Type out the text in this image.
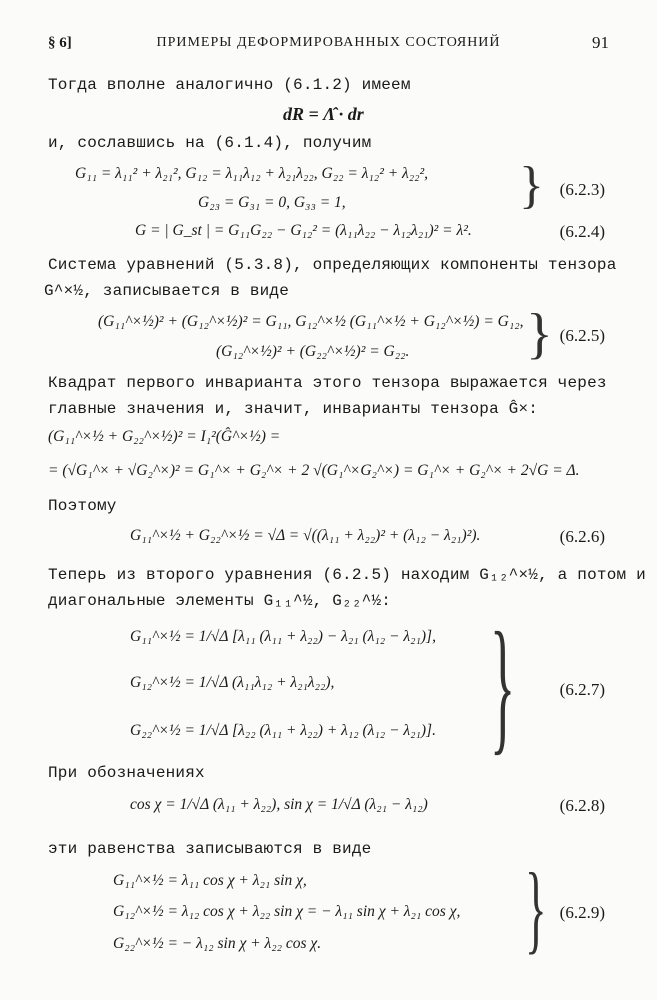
§ 6]	ПРИМЕРЫ ДЕФОРМИРОВАННЫХ СОСТОЯНИЙ	91
Тогда вполне аналогично (6.1.2) имеем
dR = Λ̂ · dr
и, сославшись на (6.1.4), получим
G₁₁ = λ₁₁² + λ₂₁², G₁₂ = λ₁₁λ₁₂ + λ₂₁λ₂₂, G₂₂ = λ₁₂² + λ₂₂²,
G₂₃ = G₃₁ = 0, G₃₃ = 1,	} (6.2.3)
G = | G_st | = G₁₁G₂₂ − G₁₂² = (λ₁₁λ₂₂ − λ₁₂λ₂₁)² = λ².	(6.2.4)
Система уравнений (5.3.8), определяющих компоненты тензора
G^×½, записывается в виде
(G₁₁^×½)² + (G₁₂^×½)² = G₁₁, G₁₂^×½ (G₁₁^×½ + G₁₂^×½) = G₁₂,
(G₁₂^×½)² + (G₂₂^×½)² = G₂₂. } (6.2.5)
Квадрат первого инварианта этого тензора выражается через
главные значения и, значит, инварианты тензора Ĝ×:
(G₁₁^×½ + G₂₂^×½)² = I₁²(Ĝ^×½) =
= (√G₁^× + √G₂^×)² = G₁^× + G₂^× + 2 √(G₁^×G₂^×) = G₁^× + G₂^× + 2√G = Δ.
Поэтому
G₁₁^×½ + G₂₂^×½ = √Δ = √((λ₁₁ + λ₂₂)² + (λ₁₂ − λ₂₁)²).	(6.2.6)
Теперь из второго уравнения (6.2.5) находим G₁₂^×½, а потом и
диагональные элементы G₁₁^½, G₂₂^½:
G₁₁^×½ = 1/√Δ [λ₁₁ (λ₁₁ + λ₂₂) − λ₂₁ (λ₁₂ − λ₂₁)],
G₁₂^×½ = 1/√Δ (λ₁₁λ₁₂ + λ₂₁λ₂₂),
G₂₂^×½ = 1/√Δ [λ₂₂ (λ₁₁ + λ₂₂) + λ₁₂ (λ₁₂ − λ₂₁)]. }	(6.2.7)
При обозначениях
cos χ = 1/√Δ (λ₁₁ + λ₂₂), sin χ = 1/√Δ (λ₂₁ − λ₁₂)	(6.2.8)
эти равенства записываются в виде
G₁₁^×½ = λ₁₁ cos χ + λ₂₁ sin χ,
G₁₂^×½ = λ₁₂ cos χ + λ₂₂ sin χ = − λ₁₁ sin χ + λ₂₁ cos χ,
G₂₂^×½ = − λ₁₂ sin χ + λ₂₂ cos χ. } (6.2.9)
